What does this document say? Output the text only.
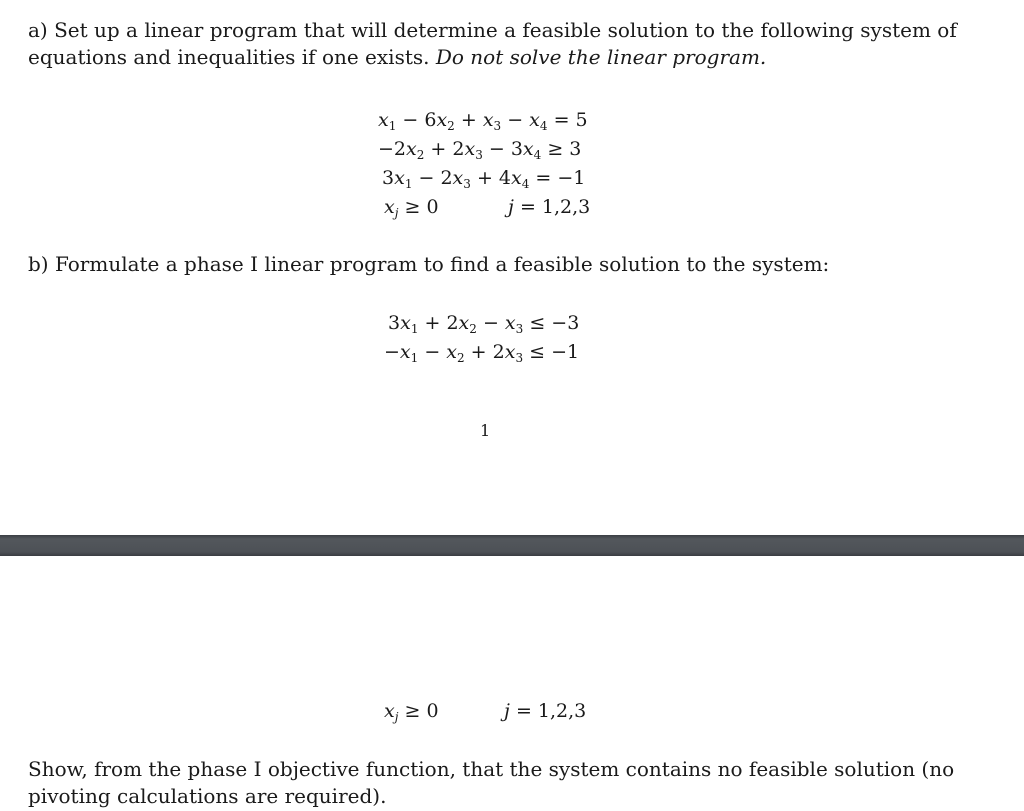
a) Set up a linear program that will determine a feasible solution to the following system of equations and inequalities if one exists. Do not solve the linear program.
$x_1 - 6x_2 + x_3 - x_4 = 5$
$-2x_2 + 2x_3 - 3x_4 \ge 3$
$3x_1 - 2x_3 + 4x_4 = -1$
$x_j \ge 0$	j = 1,2,3
b) Formulate a phase I linear program to find a feasible solution to the system:
$3x_1 + 2x_2 - x_3 \le -3$
$-x_1 - x_2 + 2x_3 \le -1$
1
$x_j \ge 0$	j = 1,2,3
Show, from the phase I objective function, that the system contains no feasible solution (no pivoting calculations are required).
